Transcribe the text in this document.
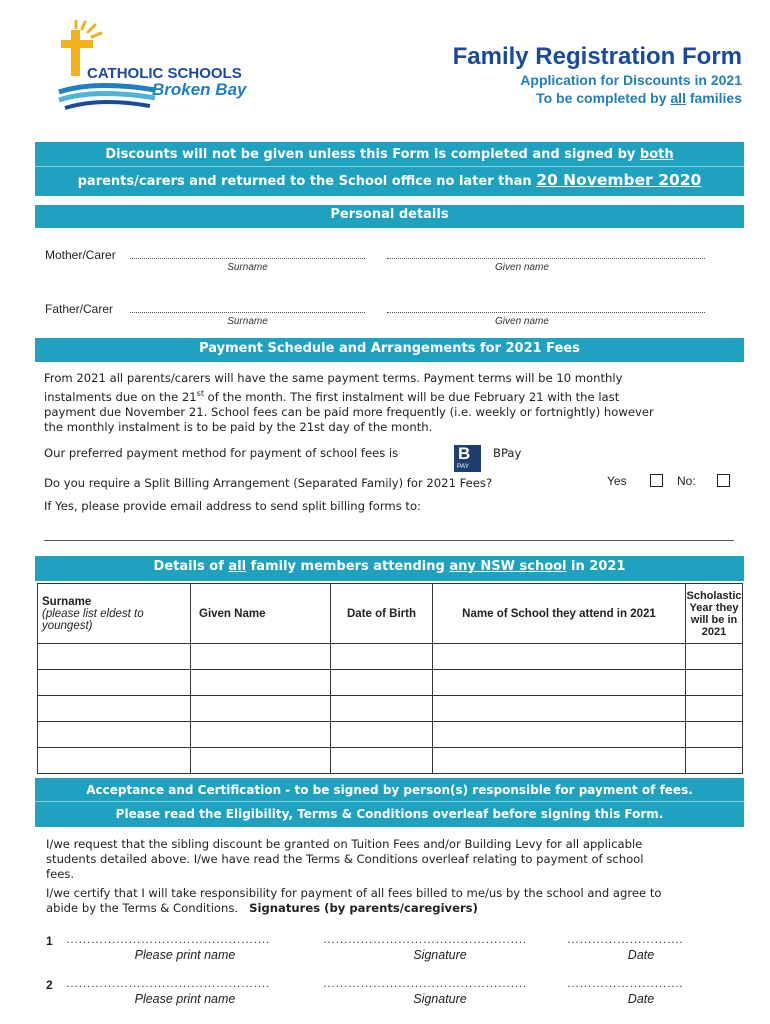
CATHOLIC SCHOOLS
Broken Bay
Family Registration Form
Application for Discounts in 2021
To be completed by all families
Discounts will not be given unless this Form is completed and signed by both
parents/carers and returned to the School office no later than 20 November 2020
Personal details
Mother/Carer
Surname	Given name
Father/Carer
Surname	Given name
Payment Schedule and Arrangements for 2021 Fees
From 2021 all parents/carers will have the same payment terms. Payment terms will be 10 monthly
instalments due on the 21st of the month. The first instalment will be due February 21 with the last
payment due November 21. School fees can be paid more frequently (i.e. weekly or fortnightly) however
the monthly instalment is to be paid by the 21st day of the month.
Our preferred payment method for payment of school fees is	B
PAY
BPay
Do you require a Split Billing Arrangement (Separated Family) for 2021 Fees?	Yes	No:
If Yes, please provide email address to send split billing forms to:
Details of all family members attending any NSW school in 2021
Surname
(please list eldest to youngest)	Given Name	Date of Birth	Name of School they attend in 2021	Scholastic Year they will be in 2021

Acceptance and Certification - to be signed by person(s) responsible for payment of fees.
Please read the Eligibility, Terms & Conditions overleaf before signing this Form.
I/we request that the sibling discount be granted on Tuition Fees and/or Building Levy for all applicable
students detailed above. I/we have read the Terms & Conditions overleaf relating to payment of school
fees.
I/we certify that I will take responsibility for payment of all fees billed to me/us by the school and agree to
abide by the Terms & Conditions. Signatures (by parents/caregivers)
1 ………………………………………….	………………………………………….	……………………….
Please print name	Signature	Date
2 ………………………………………….	………………………………………….	……………………….
Please print name	Signature	Date
